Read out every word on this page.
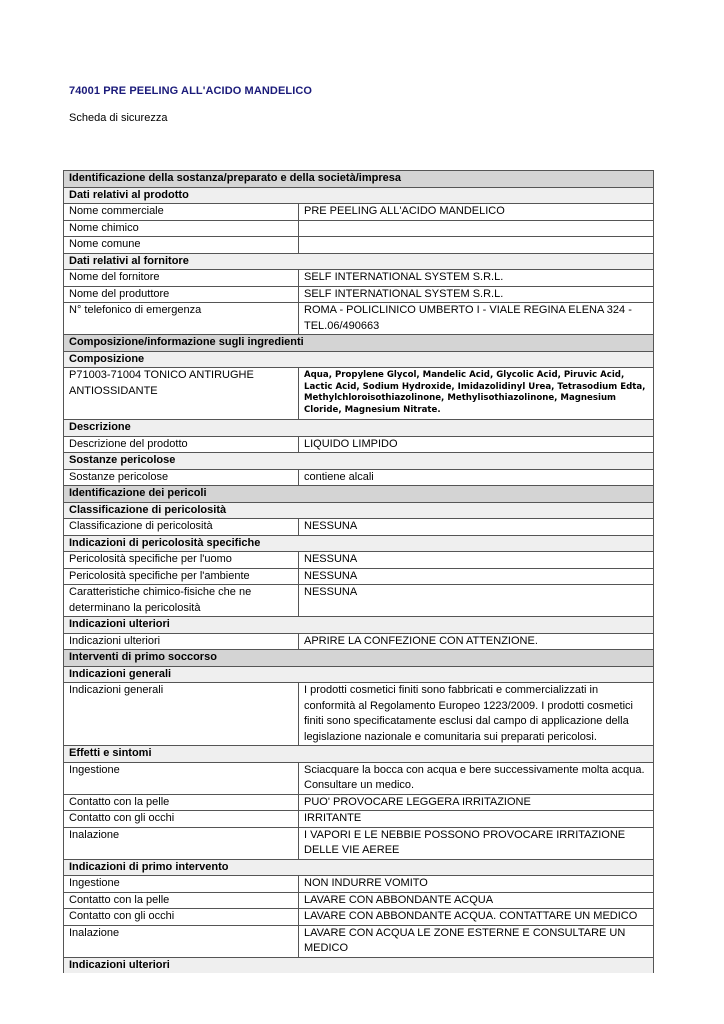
74001 PRE PEELING ALL'ACIDO MANDELICO
Scheda di sicurezza
Identificazione della sostanza/preparato e della società/impresa	
Dati relativi al prodotto	
Nome commerciale	PRE PEELING ALL'ACIDO MANDELICO
Nome chimico	
Nome comune	
Dati relativi al fornitore	
Nome del fornitore	SELF INTERNATIONAL SYSTEM S.R.L.
Nome del produttore	SELF INTERNATIONAL SYSTEM S.R.L.
N° telefonico di emergenza	ROMA - POLICLINICO UMBERTO I - VIALE REGINA ELENA 324 - TEL.06/490663
Composizione/informazione sugli ingredienti	
Composizione	
P71003-71004 TONICO ANTIRUGHE ANTIOSSIDANTE	Aqua, Propylene Glycol, Mandelic Acid, Glycolic Acid, Piruvic Acid, Lactic Acid, Sodium Hydroxide, Imidazolidinyl Urea, Tetrasodium Edta, Methylchloroisothiazolinone, Methylisothiazolinone, Magnesium Cloride, Magnesium Nitrate.
Descrizione	
Descrizione del prodotto	LIQUIDO LIMPIDO
Sostanze pericolose	
Sostanze pericolose	contiene alcali
Identificazione dei pericoli	
Classificazione di pericolosità	
Classificazione di pericolosità	NESSUNA
Indicazioni di pericolosità specifiche	
Pericolosità specifiche per l'uomo	NESSUNA
Pericolosità specifiche per l'ambiente	NESSUNA
Caratteristiche chimico-fisiche che ne determinano la pericolosità	NESSUNA
Indicazioni ulteriori	
Indicazioni ulteriori	APRIRE LA CONFEZIONE CON ATTENZIONE.
Interventi di primo soccorso	
Indicazioni generali	
Indicazioni generali	I prodotti cosmetici finiti sono fabbricati e commercializzati in conformità al Regolamento Europeo 1223/2009. I prodotti cosmetici finiti sono specificatamente esclusi dal campo di applicazione della legislazione nazionale e comunitaria sui preparati pericolosi.
Effetti e sintomi	
Ingestione	Sciacquare la bocca con acqua e bere successivamente molta acqua. Consultare un medico.
Contatto con la pelle	PUO' PROVOCARE LEGGERA IRRITAZIONE
Contatto con gli occhi	IRRITANTE
Inalazione	I VAPORI E LE NEBBIE POSSONO PROVOCARE IRRITAZIONE DELLE VIE AEREE
Indicazioni di primo intervento	
Ingestione	NON INDURRE VOMITO
Contatto con la pelle	LAVARE CON ABBONDANTE ACQUA
Contatto con gli occhi	LAVARE CON ABBONDANTE ACQUA. CONTATTARE UN MEDICO
Inalazione	LAVARE CON ACQUA LE ZONE ESTERNE E CONSULTARE UN MEDICO
Indicazioni ulteriori	
